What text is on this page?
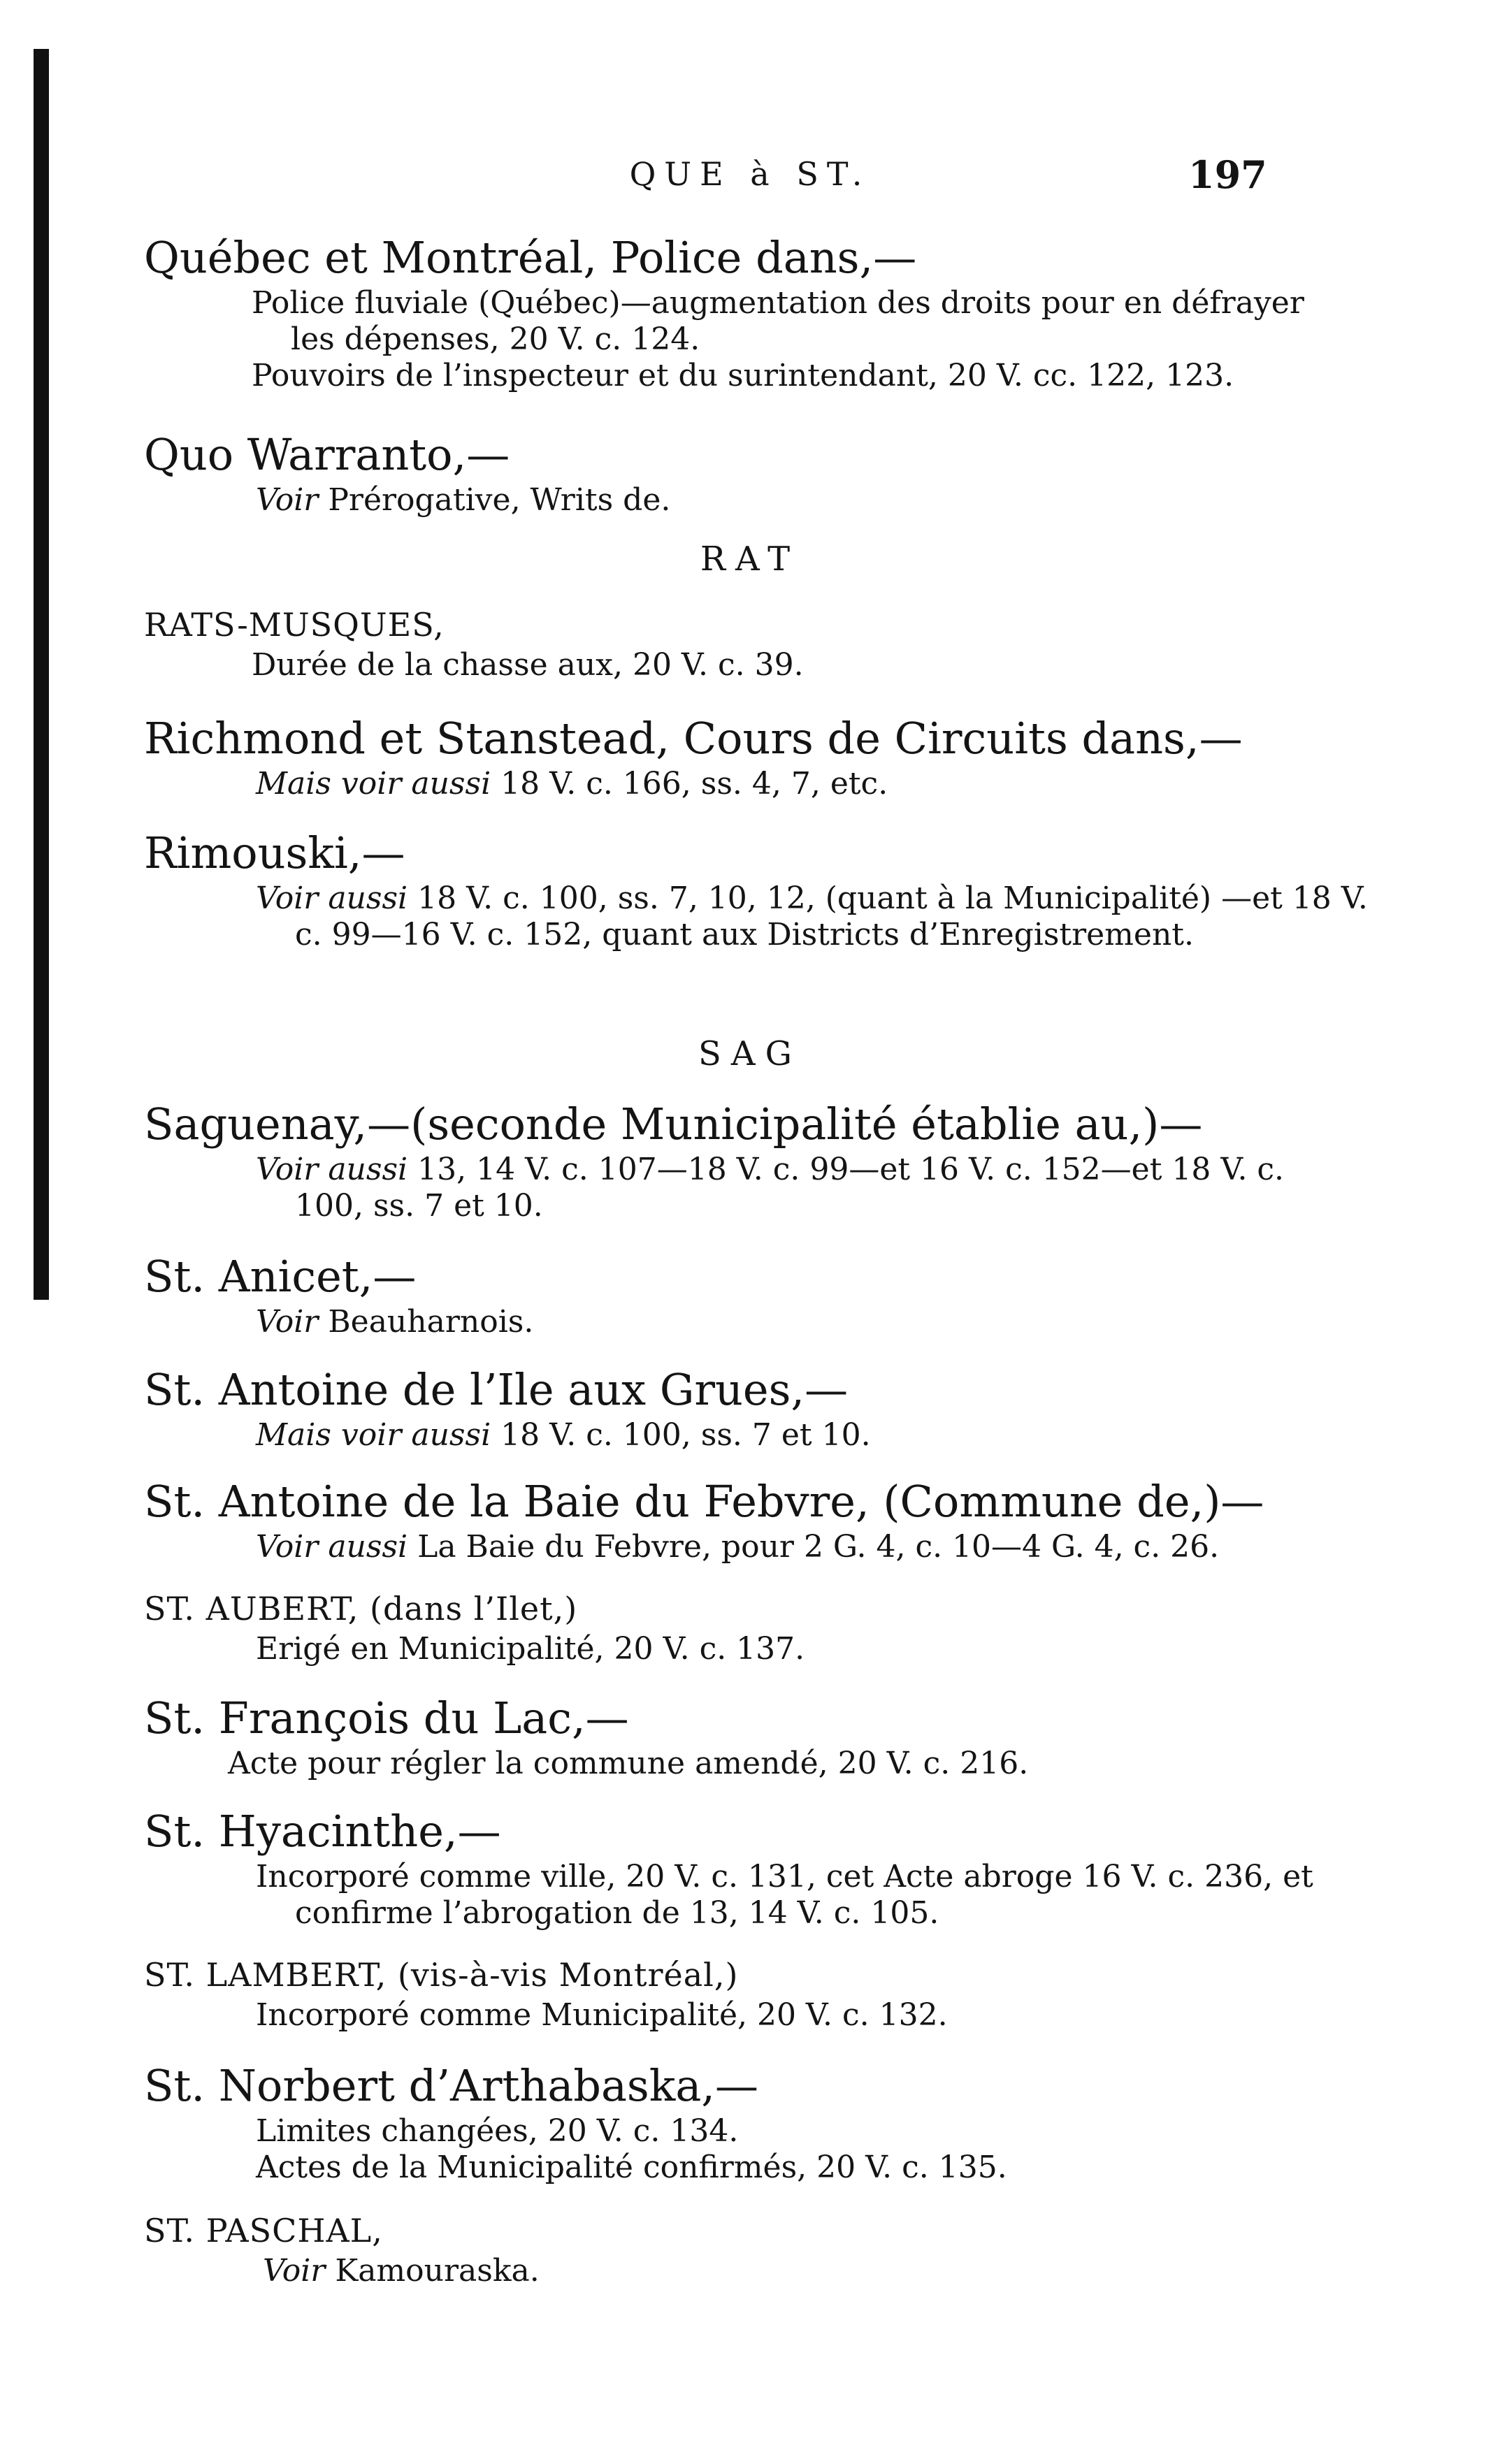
QUE à ST.	197
Québec et Montréal, Police dans,—
Police fluviale (Québec)—augmentation des droits pour en défrayer les dépenses, 20 V. c. 124.
Pouvoirs de l’inspecteur et du surintendant, 20 V. cc. 122, 123.
Quo Warranto,—
Voir Prérogative, Writs de.
RAT
RATS-MUSQUES,
Durée de la chasse aux, 20 V. c. 39.
Richmond et Stanstead, Cours de Circuits dans,—
Mais voir aussi 18 V. c. 166, ss. 4, 7, etc.
Rimouski,—
Voir aussi 18 V. c. 100, ss. 7, 10, 12, (quant à la Municipalité) —et 18 V. c. 99—16 V. c. 152, quant aux Districts d’Enregistrement.
SAG
Saguenay,—(seconde Municipalité établie au,)—
Voir aussi 13, 14 V. c. 107—18 V. c. 99—et 16 V. c. 152—et 18 V. c. 100, ss. 7 et 10.
St. Anicet,—
Voir Beauharnois.
St. Antoine de l’Ile aux Grues,—
Mais voir aussi 18 V. c. 100, ss. 7 et 10.
St. Antoine de la Baie du Febvre, (Commune de,)—
Voir aussi La Baie du Febvre, pour 2 G. 4, c. 10—4 G. 4, c. 26.
ST. AUBERT, (dans l’Ilet,)
Erigé en Municipalité, 20 V. c. 137.
St. François du Lac,—
Acte pour régler la commune amendé, 20 V. c. 216.
St. Hyacinthe,—
Incorporé comme ville, 20 V. c. 131, cet Acte abroge 16 V. c. 236, et confirme l’abrogation de 13, 14 V. c. 105.
ST. LAMBERT, (vis-à-vis Montréal,)
Incorporé comme Municipalité, 20 V. c. 132.
St. Norbert d’Arthabaska,—
Limites changées, 20 V. c. 134.
Actes de la Municipalité confirmés, 20 V. c. 135.
ST. PASCHAL,
Voir Kamouraska.
